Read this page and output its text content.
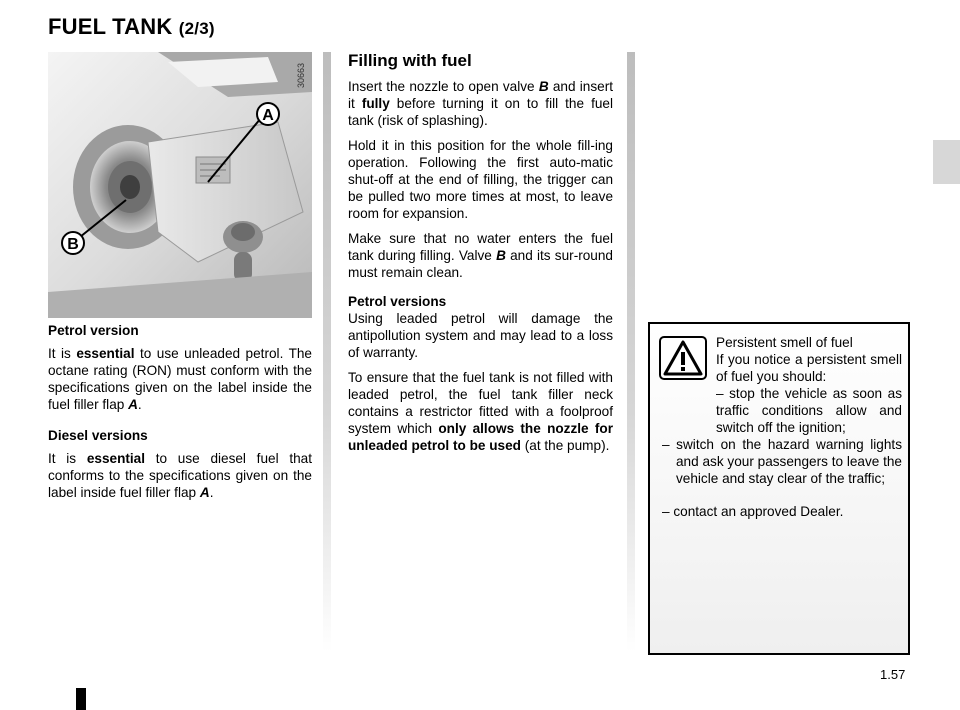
FUEL TANK (2/3)
A
B
30663

Petrol version

It is essential to use unleaded petrol. The octane rating (RON) must conform with the specifications given on the label inside the fuel filler flap A.

Diesel versions

It is essential to use diesel fuel that conforms to the specifications given on the label inside fuel filler flap A.

Filling with fuel

Insert the nozzle to open valve B and insert it fully before turning it on to fill the fuel tank (risk of splashing).

Hold it in this position for the whole fill-ing operation. Following the first auto-matic shut-off at the end of filling, the trigger can be pulled two more times at most, to leave room for expansion.

Make sure that no water enters the fuel tank during filling. Valve B and its sur-round must remain clean.

Petrol versions

Using leaded petrol will damage the antipollution system and may lead to a loss of warranty.

To ensure that the fuel tank is not filled with leaded petrol, the fuel tank filler neck contains a restrictor fitted with a foolproof system which only allows the nozzle for unleaded petrol to be used (at the pump).

Persistent smell of fuel
If you notice a persistent smell of fuel you should:
– stop the vehicle as soon as traffic conditions allow and switch off the ignition;
– switch on the hazard warning lights and ask your passengers to leave the vehicle and stay clear of the traffic;
– contact an approved Dealer.
1.57
